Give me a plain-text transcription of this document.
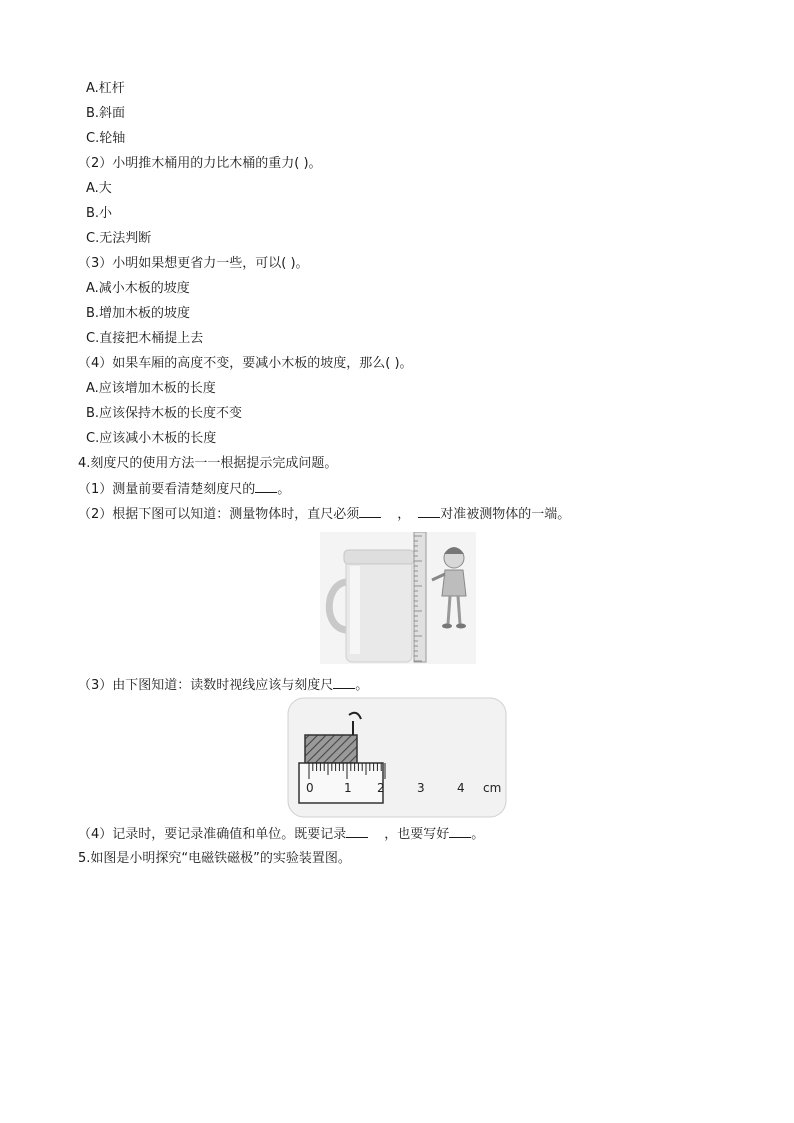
A.杠杆
B.斜面
C.轮轴
（2）小明推木桶用的力比木桶的重力( )。
A.大
B.小
C.无法判断
（3）小明如果想更省力一些，可以( )。
A.减小木板的坡度
B.增加木板的坡度
C.直接把木桶提上去
（4）如果车厢的高度不变，要减小木板的坡度，那么( )。
A.应该增加木板的长度
B.应该保持木板的长度不变
C.应该减小木板的长度
4.刻度尺的使用方法一一根据提示完成问题。
（1）测量前要看清楚刻度尺的 。
（2）根据下图可以知道：测量物体时，直尺必须	， 对准被测物体的一端。
（3）由下图知道：读数时视线应该与刻度尺 。
0	1 2	3	4 cm
（4）记录时，要记录准确值和单位。既要记录	，也要写好 。
5.如图是小明探究“电磁铁磁极”的实验装置图。
